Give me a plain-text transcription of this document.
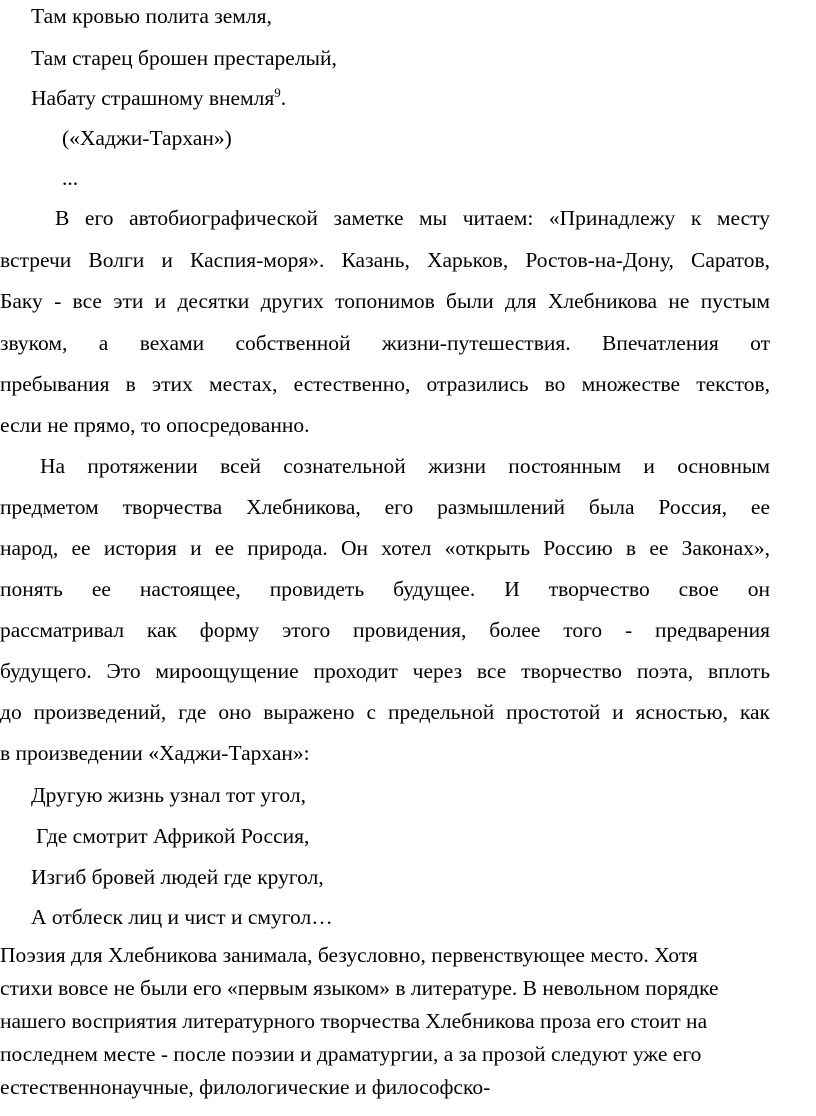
Там кровью полита земля,
Там старец брошен престарелый,
Набату страшному внемля$^9$.
(«Хаджи-Тархан»)
...
В его автобиографической заметке мы читаем: «Принадлежу к месту
встречи Волги и Каспия-моря». Казань, Харьков, Ростов-на-Дону, Саратов,
Баку - все эти и десятки других топонимов были для Хлебникова не пустым
звуком, а вехами собственной жизни-путешествия. Впечатления от
пребывания в этих местах, естественно, отразились во множестве текстов,
если не прямо, то опосредованно.
На протяжении всей сознательной жизни постоянным и основным
предметом творчества Хлебникова, его размышлений была Россия, ее
народ, ее история и ее природа. Он хотел «открыть Россию в ее Законах»,
понять ее настоящее, провидеть будущее. И творчество свое он
рассматривал как форму этого провидения, более того - предварения
будущего. Это мироощущение проходит через все творчество поэта, вплоть
до произведений, где оно выражено с предельной простотой и ясностью, как
в произведении «Хаджи-Тархан»:
Другую жизнь узнал тот угол,
Где смотрит Африкой Россия,
Изгиб бровей людей где кругол,
А отблеск лиц и чист и смугол…
Поэзия для Хлебникова занимала, безусловно, первенствующее место. Хотя
стихи вовсе не были его «первым языком» в литературе. В невольном порядке
нашего восприятия литературного творчества Хлебникова проза его стоит на
последнем месте - после поэзии и драматургии, а за прозой следуют уже его
естественнонаучные, филологические и философско-
